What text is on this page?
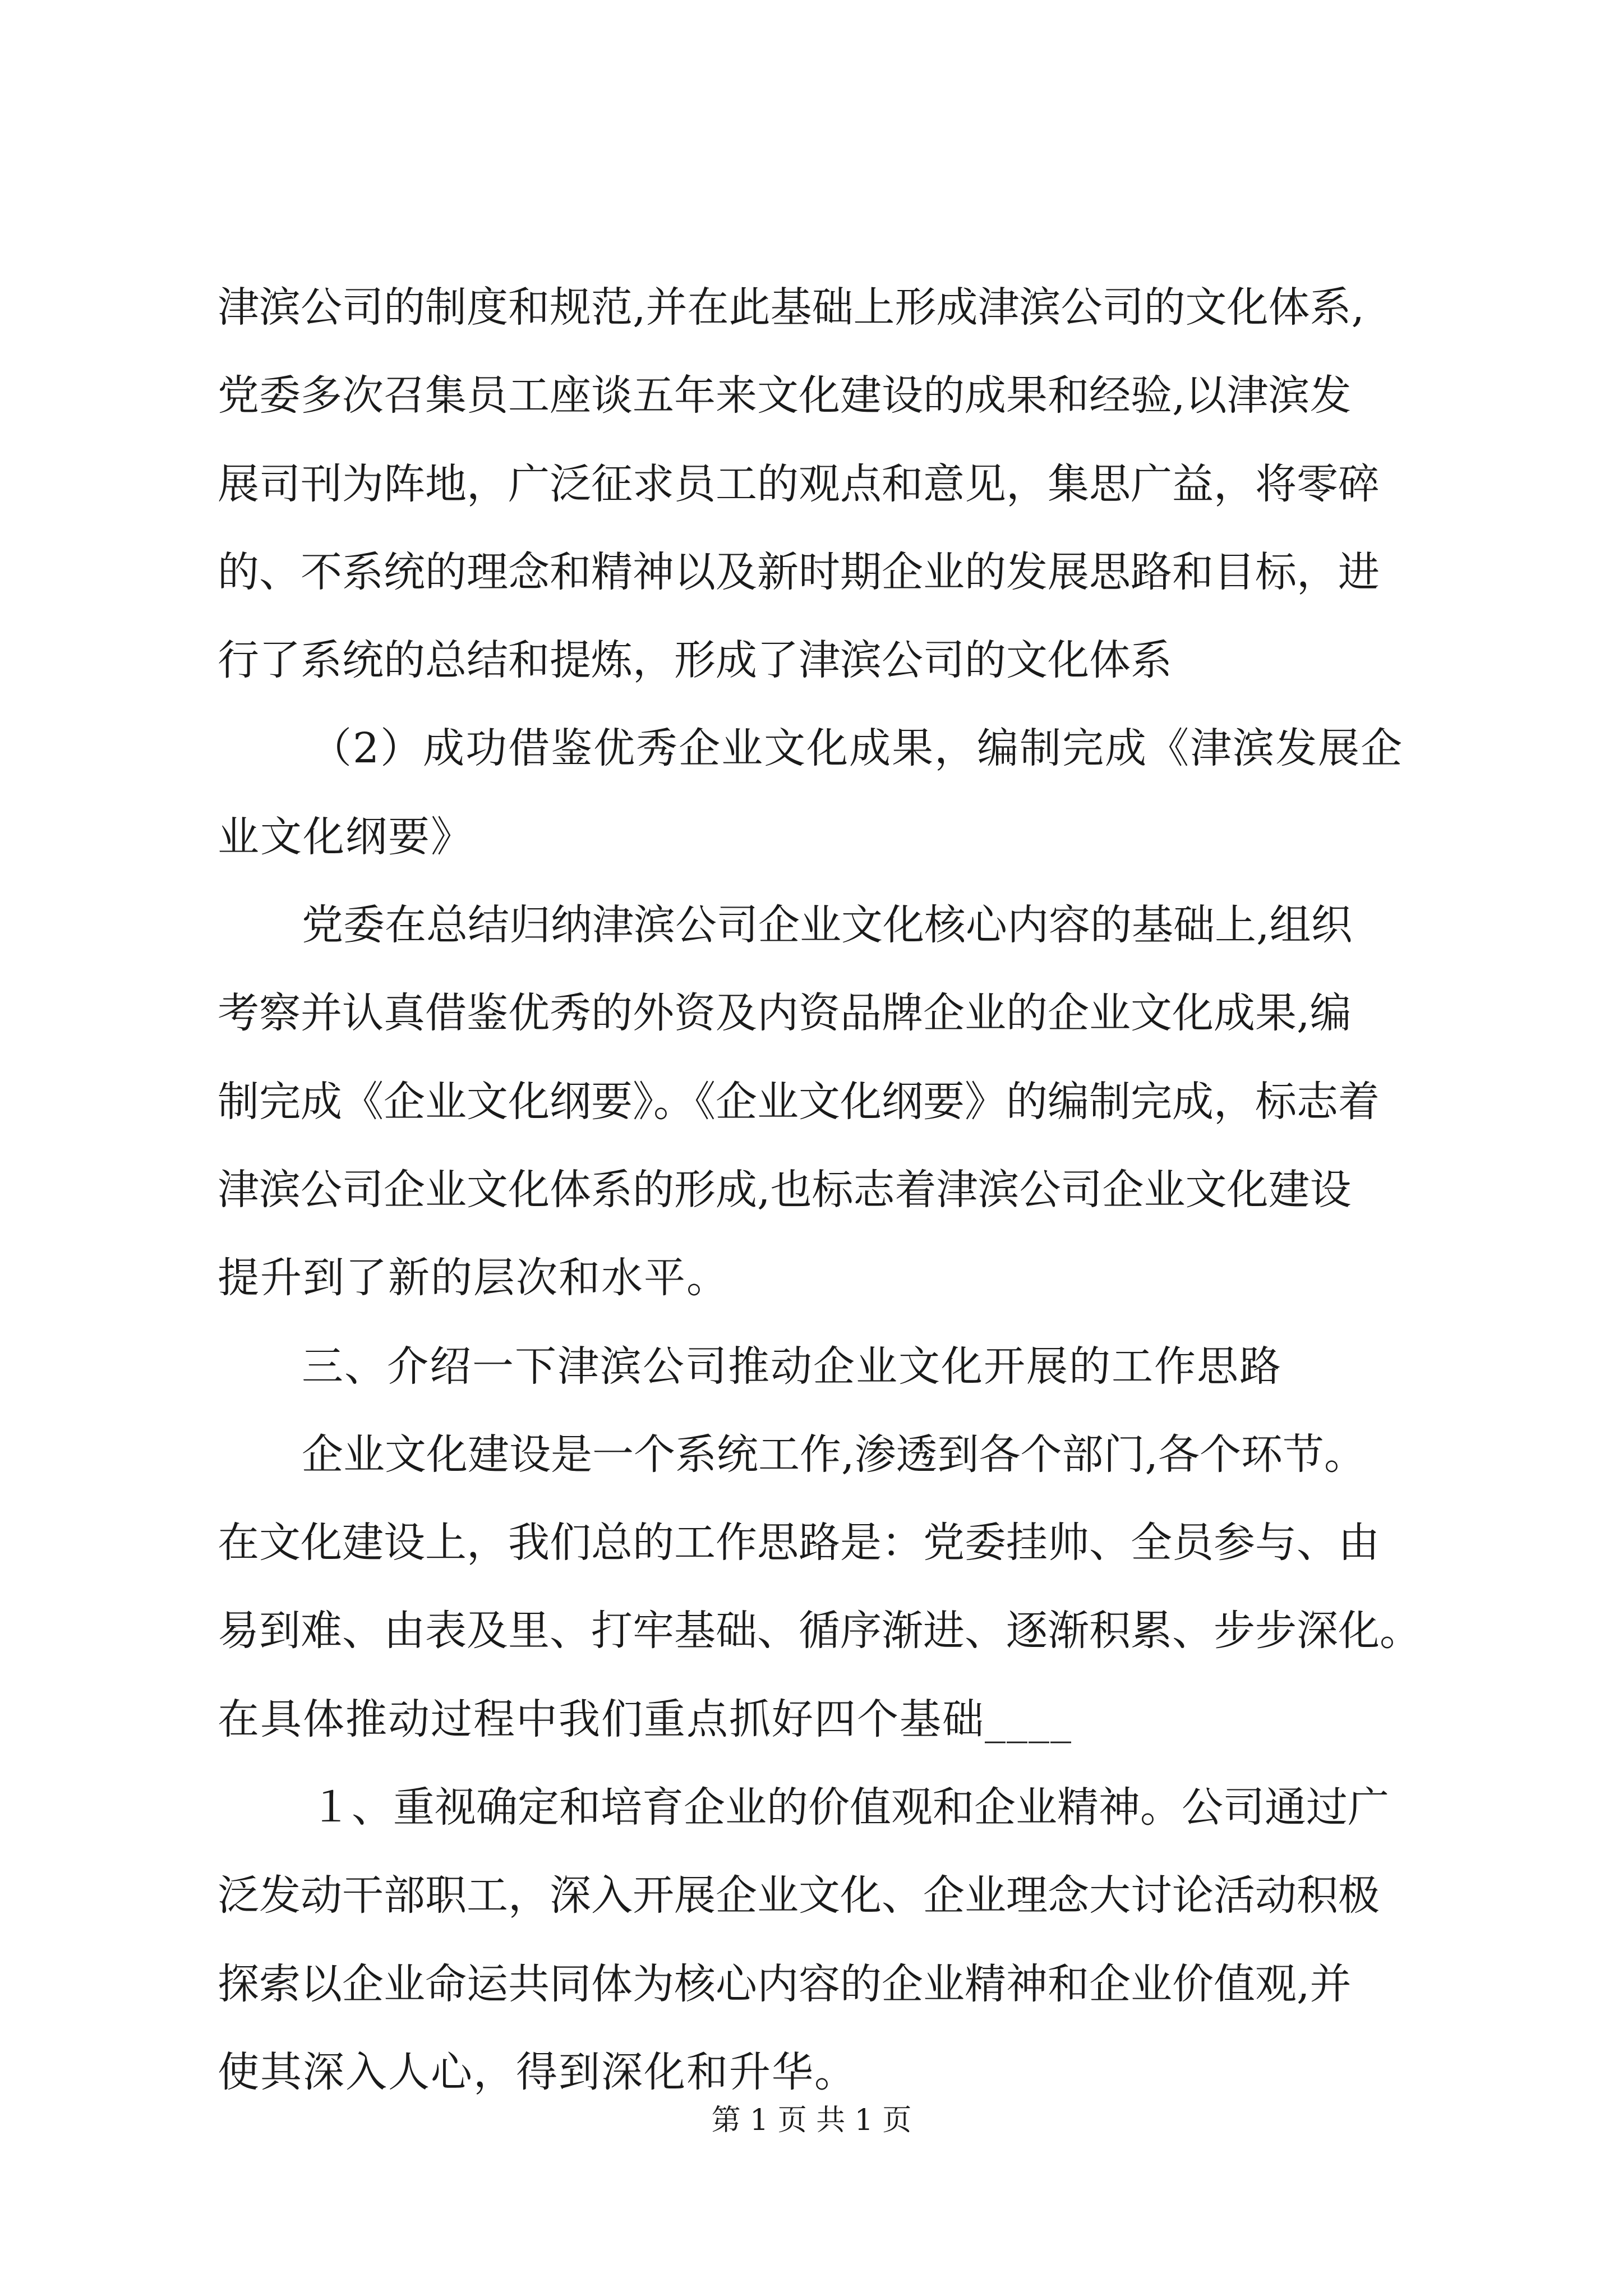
津滨公司的制度和规范,并在此基础上形成津滨公司的文化体系,
党委多次召集员工座谈五年来文化建设的成果和经验,以津滨发
展司刊为阵地，广泛征求员工的观点和意见，集思广益，将零碎
的、不系统的理念和精神以及新时期企业的发展思路和目标，进
行了系统的总结和提炼，形成了津滨公司的文化体系
（2）成功借鉴优秀企业文化成果，编制完成《津滨发展企
业文化纲要》
党委在总结归纳津滨公司企业文化核心内容的基础上,组织
考察并认真借鉴优秀的外资及内资品牌企业的企业文化成果,编
制完成《企业文化纲要》。《企业文化纲要》的编制完成，标志着
津滨公司企业文化体系的形成,也标志着津滨公司企业文化建设
提升到了新的层次和水平。
三、介绍一下津滨公司推动企业文化开展的工作思路
企业文化建设是一个系统工作,渗透到各个部门,各个环节。
在文化建设上，我们总的工作思路是：党委挂帅、全员参与、由
易到难、由表及里、打牢基础、循序渐进、逐渐积累、步步深化。
在具体推动过程中我们重点抓好四个基础____
１、重视确定和培育企业的价值观和企业精神。公司通过广
泛发动干部职工，深入开展企业文化、企业理念大讨论活动积极
探索以企业命运共同体为核心内容的企业精神和企业价值观,并
使其深入人心，得到深化和升华。
第 1 页 共 1 页
